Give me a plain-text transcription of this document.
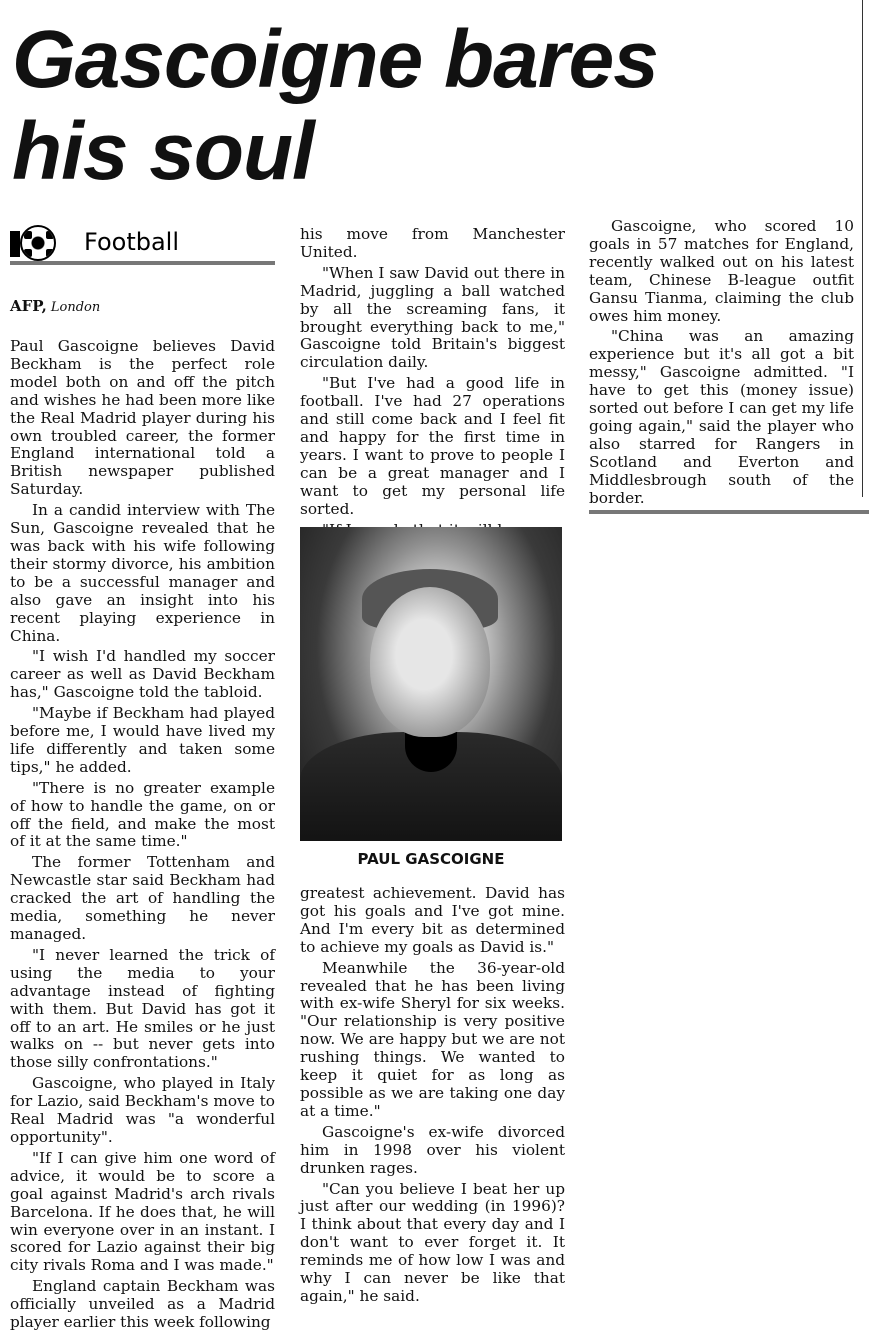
Gascoigne bares
his soul
Football
AFP, London

Paul Gascoigne believes David Beckham is the perfect role model both on and off the pitch and wishes he had been more like the Real Madrid player during his own troubled career, the former England international told a British newspaper published Saturday.

In a candid interview with The Sun, Gascoigne revealed that he was back with his wife following their stormy divorce, his ambition to be a successful manager and also gave an insight into his recent playing experience in China.

"I wish I'd handled my soccer career as well as David Beckham has," Gascoigne told the tabloid.

"Maybe if Beckham had played before me, I would have lived my life differently and taken some tips," he added.

"There is no greater example of how to handle the game, on or off the field, and make the most of it at the same time."

The former Tottenham and Newcastle star said Beckham had cracked the art of handling the media, something he never managed.

"I never learned the trick of using the media to your advantage instead of fighting with them. But David has got it off to an art. He smiles or he just walks on -- but never gets into those silly confrontations."

Gascoigne, who played in Italy for Lazio, said Beckham's move to Real Madrid was "a wonderful opportunity".

"If I can give him one word of advice, it would be to score a goal against Madrid's arch rivals Barcelona. If he does that, he will win everyone over in an instant. I scored for Lazio against their big city rivals Roma and I was made."

England captain Beckham was officially unveiled as a Madrid player earlier this week following

his move from Manchester United.

"When I saw David out there in Madrid, juggling a ball watched by all the screaming fans, it brought everything back to me," Gascoigne told Britain's biggest circulation daily.

"But I've had a good life in football. I've had 27 operations and still come back and I feel fit and happy for the first time in years. I want to prove to people I can be a great manager and I want to get my personal life sorted.

PAUL GASCOIGNE

greatest achievement. David has got his goals and I've got mine. And I'm every bit as determined to achieve my goals as David is."

Meanwhile the 36-year-old revealed that he has been living with ex-wife Sheryl for six weeks. "Our relationship is very positive now. We are happy but we are not rushing things. We wanted to keep it quiet for as long as possible as we are taking one day at a time."

Gascoigne's ex-wife divorced him in 1998 over his violent drunken rages.

"Can you believe I beat her up just after our wedding (in 1996)? I think about that every day and I don't want to ever forget it. It reminds me of how low I was and why I can never be like that again," he said.

Gascoigne, who scored 10 goals in 57 matches for England, recently walked out on his latest team, Chinese B-league outfit Gansu Tianma, claiming the club owes him money.

"China was an amazing experience but it's all got a bit messy," Gascoigne admitted. "I have to get this (money issue) sorted out before I can get my life going again," said the player who also starred for Rangers in Scotland and Everton and Middlesbrough south of the border.
